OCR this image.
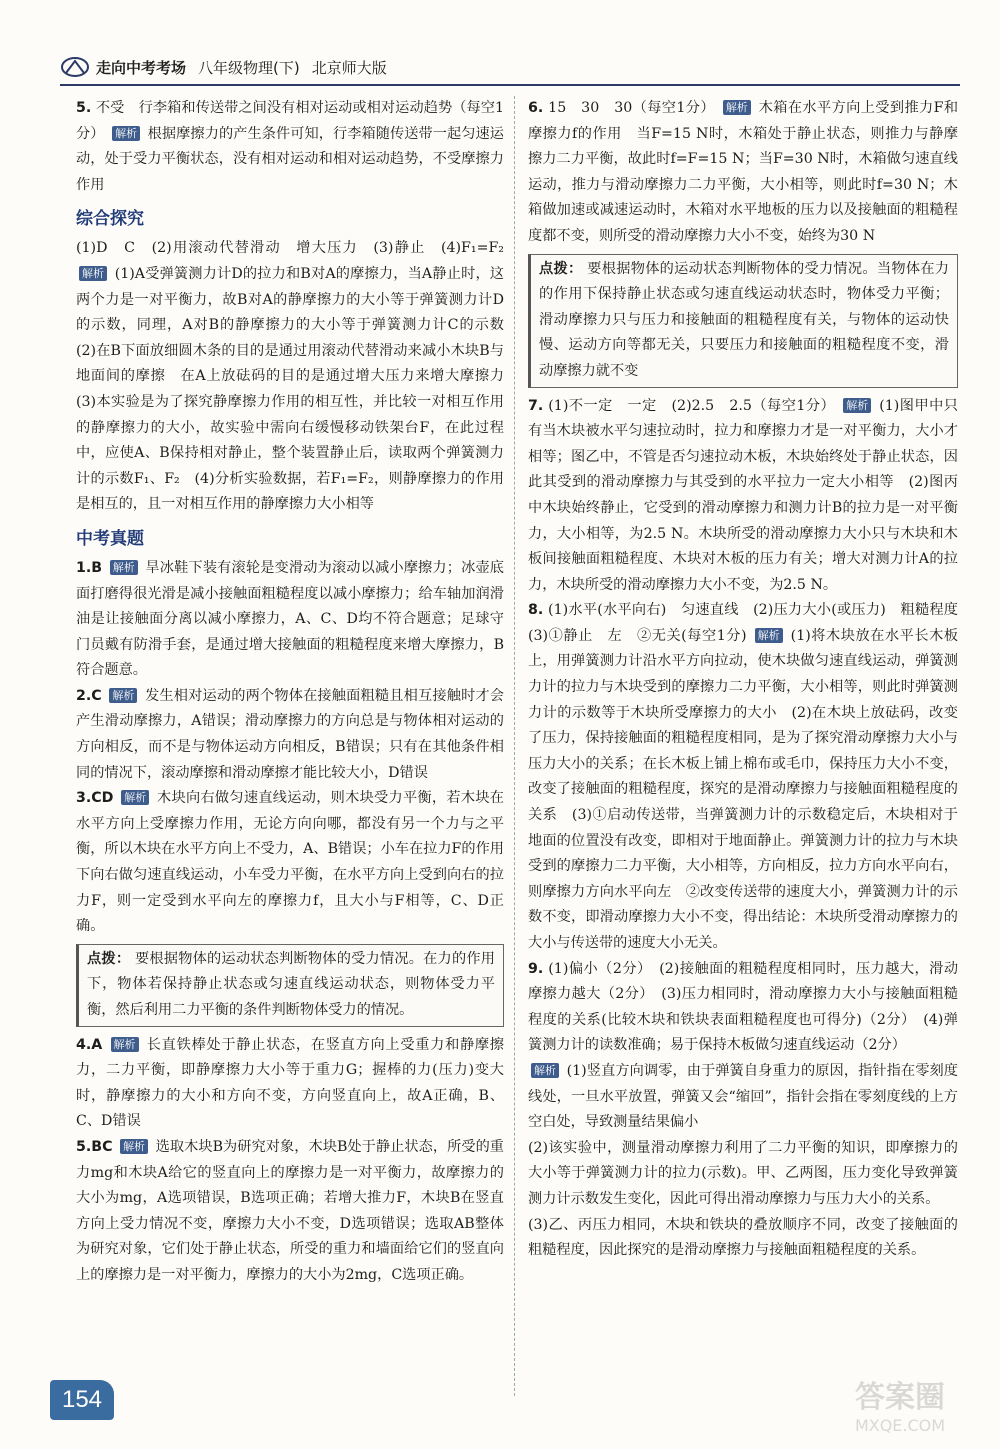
走向中考考场 八年级物理(下) 北京师大版

5. 不受　行李箱和传送带之间没有相对运动或相对运动趋势（每空1分） 解析 根据摩擦力的产生条件可知，行李箱随传送带一起匀速运动，处于受力平衡状态，没有相对运动和相对运动趋势，不受摩擦力作用

综合探究

(1)D　C　(2)用滚动代替滑动　增大压力　(3)静止　(4)F₁=F₂ 解析 (1)A受弹簧测力计D的拉力和B对A的摩擦力，当A静止时，这两个力是一对平衡力，故B对A的静摩擦力的大小等于弹簧测力计D的示数，同理，A对B的静摩擦力的大小等于弹簧测力计C的示数　(2)在B下面放细圆木条的目的是通过用滚动代替滑动来减小木块B与地面间的摩擦　在A上放砝码的目的是通过增大压力来增大摩擦力　(3)本实验是为了探究静摩擦力作用的相互性，并比较一对相互作用的静摩擦力的大小，故实验中需向右缓慢移动铁架台F，在此过程中，应使A、B保持相对静止，整个装置静止后，读取两个弹簧测力计的示数F₁、F₂　(4)分析实验数据，若F₁=F₂，则静摩擦力的作用是相互的，且一对相互作用的静摩擦力大小相等

中考真题

1.B 解析 旱冰鞋下装有滚轮是变滑动为滚动以减小摩擦力；冰壶底面打磨得很光滑是减小接触面粗糙程度以减小摩擦力；给车轴加润滑油是让接触面分离以减小摩擦力，A、C、D均不符合题意；足球守门员戴有防滑手套，是通过增大接触面的粗糙程度来增大摩擦力，B符合题意。

2.C 解析 发生相对运动的两个物体在接触面粗糙且相互接触时才会产生滑动摩擦力，A错误；滑动摩擦力的方向总是与物体相对运动的方向相反，而不是与物体运动方向相反，B错误；只有在其他条件相同的情况下，滚动摩擦和滑动摩擦才能比较大小，D错误

3.CD 解析 木块向右做匀速直线运动，则木块受力平衡，若木块在水平方向上受摩擦力作用，无论方向向哪，都没有另一个力与之平衡，所以木块在水平方向上不受力，A、B错误；小车在拉力F的作用下向右做匀速直线运动，小车受力平衡，在水平方向上受到向右的拉力F，则一定受到水平向左的摩擦力f，且大小与F相等，C、D正确。

点拨： 要根据物体的运动状态判断物体的受力情况。在力的作用下，物体若保持静止状态或匀速直线运动状态，则物体受力平衡，然后利用二力平衡的条件判断物体受力的情况。

4.A 解析 长直铁棒处于静止状态，在竖直方向上受重力和静摩擦力，二力平衡，即静摩擦力大小等于重力G；握棒的力(压力)变大时，静摩擦力的大小和方向不变，方向竖直向上，故A正确，B、C、D错误

5.BC 解析 选取木块B为研究对象，木块B处于静止状态，所受的重力mg和木块A给它的竖直向上的摩擦力是一对平衡力，故摩擦力的大小为mg，A选项错误，B选项正确；若增大推力F，木块B在竖直方向上受力情况不变，摩擦力大小不变，D选项错误；选取AB整体为研究对象，它们处于静止状态，所受的重力和墙面给它们的竖直向上的摩擦力是一对平衡力，摩擦力的大小为2mg，C选项正确。

6. 15　30　30（每空1分） 解析 木箱在水平方向上受到推力F和摩擦力f的作用　当F=15 N时，木箱处于静止状态，则推力与静摩擦力二力平衡，故此时f=F=15 N；当F=30 N时，木箱做匀速直线运动，推力与滑动摩擦力二力平衡，大小相等，则此时f=30 N；木箱做加速或减速运动时，木箱对水平地板的压力以及接触面的粗糙程度都不变，则所受的滑动摩擦力大小不变，始终为30 N

点拨： 要根据物体的运动状态判断物体的受力情况。当物体在力的作用下保持静止状态或匀速直线运动状态时，物体受力平衡；滑动摩擦力只与压力和接触面的粗糙程度有关，与物体的运动快慢、运动方向等都无关，只要压力和接触面的粗糙程度不变，滑动摩擦力就不变

7. (1)不一定　一定　(2)2.5　2.5（每空1分） 解析 (1)图甲中只有当木块被水平匀速拉动时，拉力和摩擦力才是一对平衡力，大小才相等；图乙中，不管是否匀速拉动木板，木块始终处于静止状态，因此其受到的滑动摩擦力与其受到的水平拉力一定大小相等　(2)图丙中木块始终静止，它受到的滑动摩擦力和测力计B的拉力是一对平衡力，大小相等，为2.5 N。木块所受的滑动摩擦力大小只与木块和木板间接触面粗糙程度、木块对木板的压力有关；增大对测力计A的拉力，木块所受的滑动摩擦力大小不变，为2.5 N。

8. (1)水平(水平向右)　匀速直线　(2)压力大小(或压力)　粗糙程度　(3)①静止　左　②无关(每空1分) 解析 (1)将木块放在水平长木板上，用弹簧测力计沿水平方向拉动，使木块做匀速直线运动，弹簧测力计的拉力与木块受到的摩擦力二力平衡，大小相等，则此时弹簧测力计的示数等于木块所受摩擦力的大小　(2)在木块上放砝码，改变了压力，保持接触面的粗糙程度相同，是为了探究滑动摩擦力大小与压力大小的关系；在长木板上铺上棉布或毛巾，保持压力大小不变，改变了接触面的粗糙程度，探究的是滑动摩擦力与接触面粗糙程度的关系　(3)①启动传送带，当弹簧测力计的示数稳定后，木块相对于地面的位置没有改变，即相对于地面静止。弹簧测力计的拉力与木块受到的摩擦力二力平衡，大小相等，方向相反，拉力方向水平向右，则摩擦力方向水平向左　②改变传送带的速度大小，弹簧测力计的示数不变，即滑动摩擦力大小不变，得出结论：木块所受滑动摩擦力的大小与传送带的速度大小无关。

9. (1)偏小（2分）　(2)接触面的粗糙程度相同时，压力越大，滑动摩擦力越大（2分）　(3)压力相同时，滑动摩擦力大小与接触面粗糙程度的关系(比较木块和铁块表面粗糙程度也可得分)（2分）　(4)弹簧测力计的读数准确；易于保持木板做匀速直线运动（2分）

解析 (1)竖直方向调零，由于弹簧自身重力的原因，指针指在零刻度线处，一旦水平放置，弹簧又会“缩回”，指针会指在零刻度线的上方空白处，导致测量结果偏小

(2)该实验中，测量滑动摩擦力利用了二力平衡的知识，即摩擦力的大小等于弹簧测力计的拉力(示数)。甲、乙两图，压力变化导致弹簧测力计示数发生变化，因此可得出滑动摩擦力与压力大小的关系。

(3)乙、丙压力相同，木块和铁块的叠放顺序不同，改变了接触面的粗糙程度，因此探究的是滑动摩擦力与接触面粗糙程度的关系。

154	答案圈
MXQE.COM
